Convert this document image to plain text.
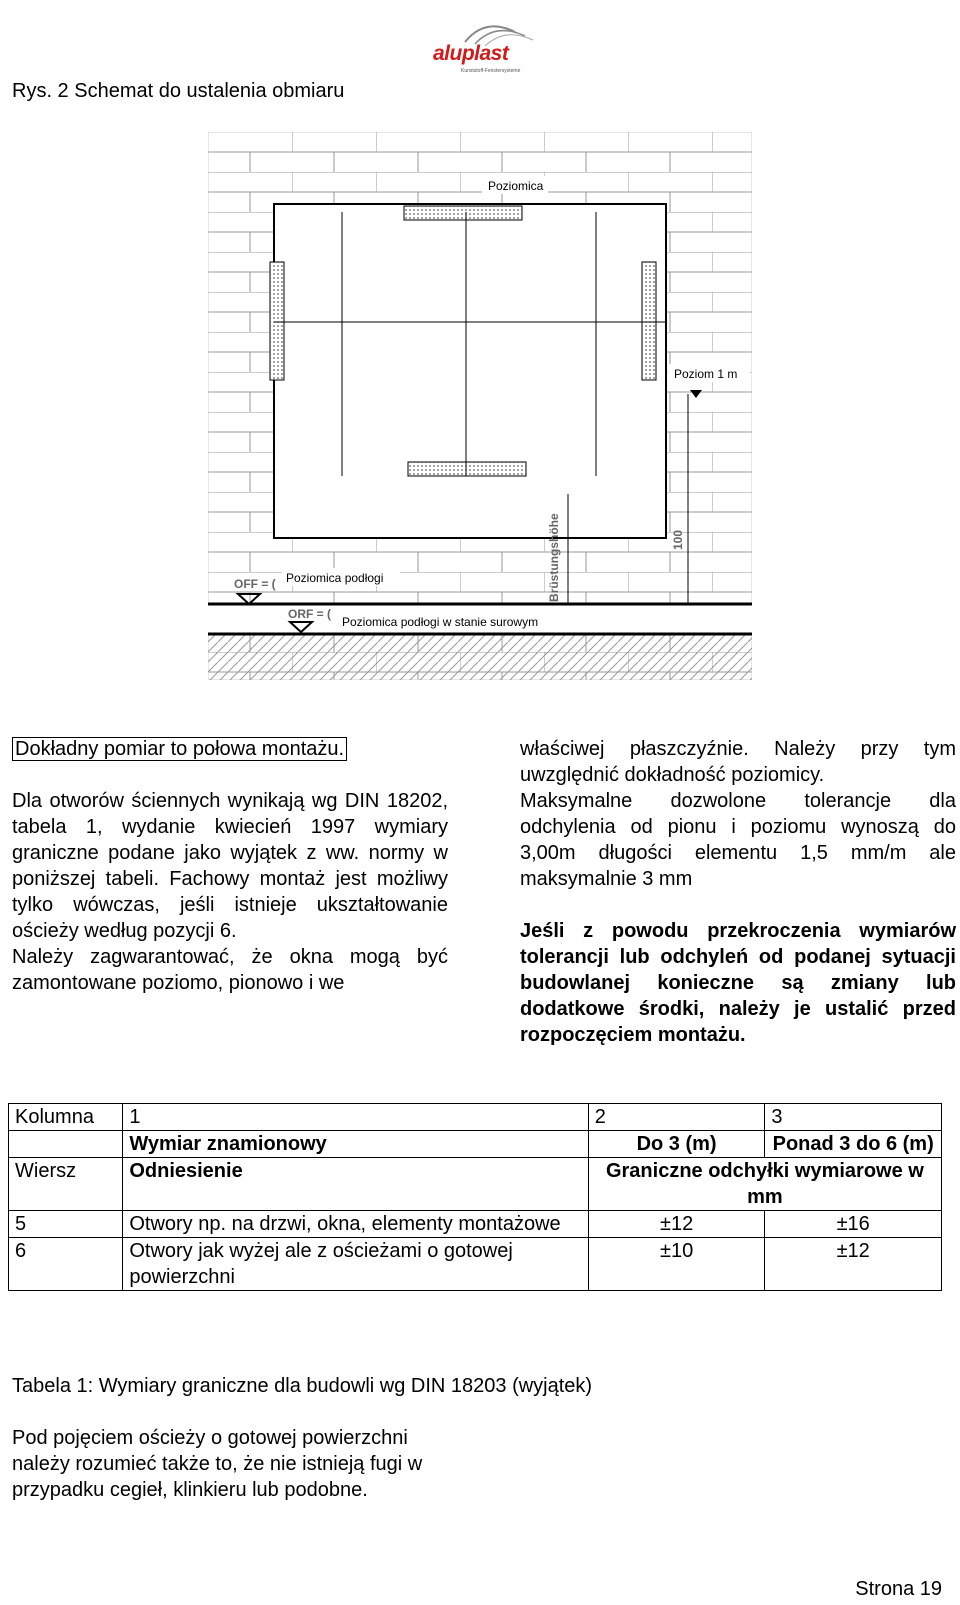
aluplast
Kunststoff-Fenstersysteme
Rys. 2 Schemat do ustalenia obmiaru
Poziomica
Poziom 1 m
Poziomica podłogi
Poziomica podłogi w stanie surowym
OFF = (
ORF = (
Brüstungshöhe	100

Dokładny pomiar to połowa montażu.

Dla otworów ściennych wynikają wg DIN 18202, tabela 1, wydanie kwiecień 1997 wymiary graniczne podane jako wyjątek z ww. normy w poniższej tabeli. Fachowy montaż jest możliwy tylko wówczas, jeśli istnieje ukształtowanie ościeży według pozycji 6.

Należy zagwarantować, że okna mogą być zamontowane poziomo, pionowo i we

właściwej płaszczyźnie. Należy przy tym uwzględnić dokładność poziomicy.

Maksymalne dozwolone tolerancje dla odchylenia od pionu i poziomu wynoszą do 3,00m długości elementu 1,5 mm/m ale maksymalnie 3 mm

Jeśli z powodu przekroczenia wymiarów tolerancji lub odchyleń od podanej sytuacji budowlanej konieczne są zmiany lub dodatkowe środki, należy je ustalić przed rozpoczęciem montażu.

Kolumna	1	2	3
	Wymiar znamionowy	Do 3 (m)	Ponad 3 do 6 (m)
Wiersz	Odniesienie	Graniczne odchyłki wymiarowe w mm	
5	Otwory np. na drzwi, okna, elementy montażowe	±12	±16
6	Otwory jak wyżej ale z ościeżami o gotowej powierzchni	±10	±12
Tabela 1: Wymiary graniczne dla budowli wg DIN 18203 (wyjątek)
Pod pojęciem ościeży o gotowej powierzchni należy rozumieć także to, że nie istnieją fugi w przypadku cegieł, klinkieru lub podobne.
Strona 19
